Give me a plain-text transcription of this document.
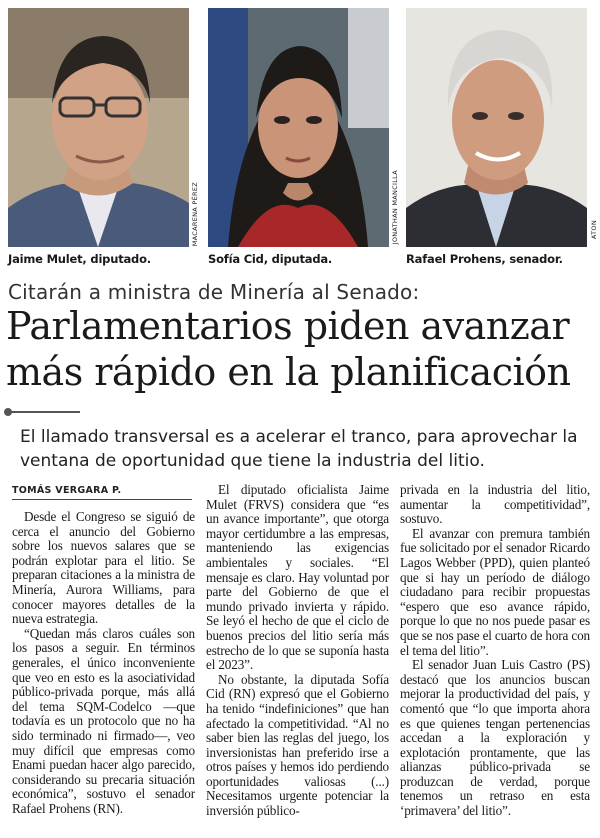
MACARENA PÉREZ	JONATHAN MANCILLA	ATON
Jaime Mulet, diputado.	Sofía Cid, diputada.	Rafael Prohens, senador.
Citarán a ministra de Minería al Senado:
Parlamentarios piden avanzar
más rápido en la planificación
El llamado transversal es a acelerar el tranco, para aprovechar la ventana de oportunidad que tiene la industria del litio.
TOMÁS VERGARA P.

Desde el Congreso se siguió de cerca el anuncio del Gobierno sobre los nuevos salares que se podrán explotar para el litio. Se preparan citaciones a la ministra de Minería, Aurora Williams, para conocer mayores detalles de la nueva estrategia.

“Quedan más claros cuáles son los pasos a seguir. En términos generales, el único inconveniente que veo en esto es la asociatividad público-privada porque, más allá del tema SQM-Codelco —que todavía es un protocolo que no ha sido terminado ni firmado—, veo muy difícil que empresas como Enami puedan hacer algo parecido, considerando su precaria situación económica”, sostuvo el senador Rafael Prohens (RN).

El diputado oficialista Jaime Mulet (FRVS) considera que “es un avance importante”, que otorga mayor certidumbre a las empresas, manteniendo las exigencias ambientales y sociales. “El mensaje es claro. Hay voluntad por parte del Gobierno de que el mundo privado invierta y rápido. Se leyó el hecho de que el ciclo de buenos precios del litio sería más estrecho de lo que se suponía hasta el 2023”.

No obstante, la diputada Sofía Cid (RN) expresó que el Gobierno ha tenido “indefiniciones” que han afectado la competitividad. “Al no saber bien las reglas del juego, los inversionistas han preferido irse a otros países y hemos ido perdiendo oportunidades valiosas (...) Necesitamos urgente potenciar la inversión público-

privada en la industria del litio, aumentar la competitividad”, sostuvo.

El avanzar con premura también fue solicitado por el senador Ricardo Lagos Webber (PPD), quien planteó que si hay un período de diálogo ciudadano para recibir propuestas “espero que eso avance rápido, porque lo que no nos puede pasar es que se nos pase el cuarto de hora con el tema del litio”.

El senador Juan Luis Castro (PS) destacó que los anuncios buscan mejorar la productividad del país, y comentó que “lo que importa ahora es que quienes tengan pertenencias accedan a la exploración y explotación prontamente, que las alianzas público-privada se produzcan de verdad, porque tenemos un retraso en esta ‘primavera’ del litio”.
